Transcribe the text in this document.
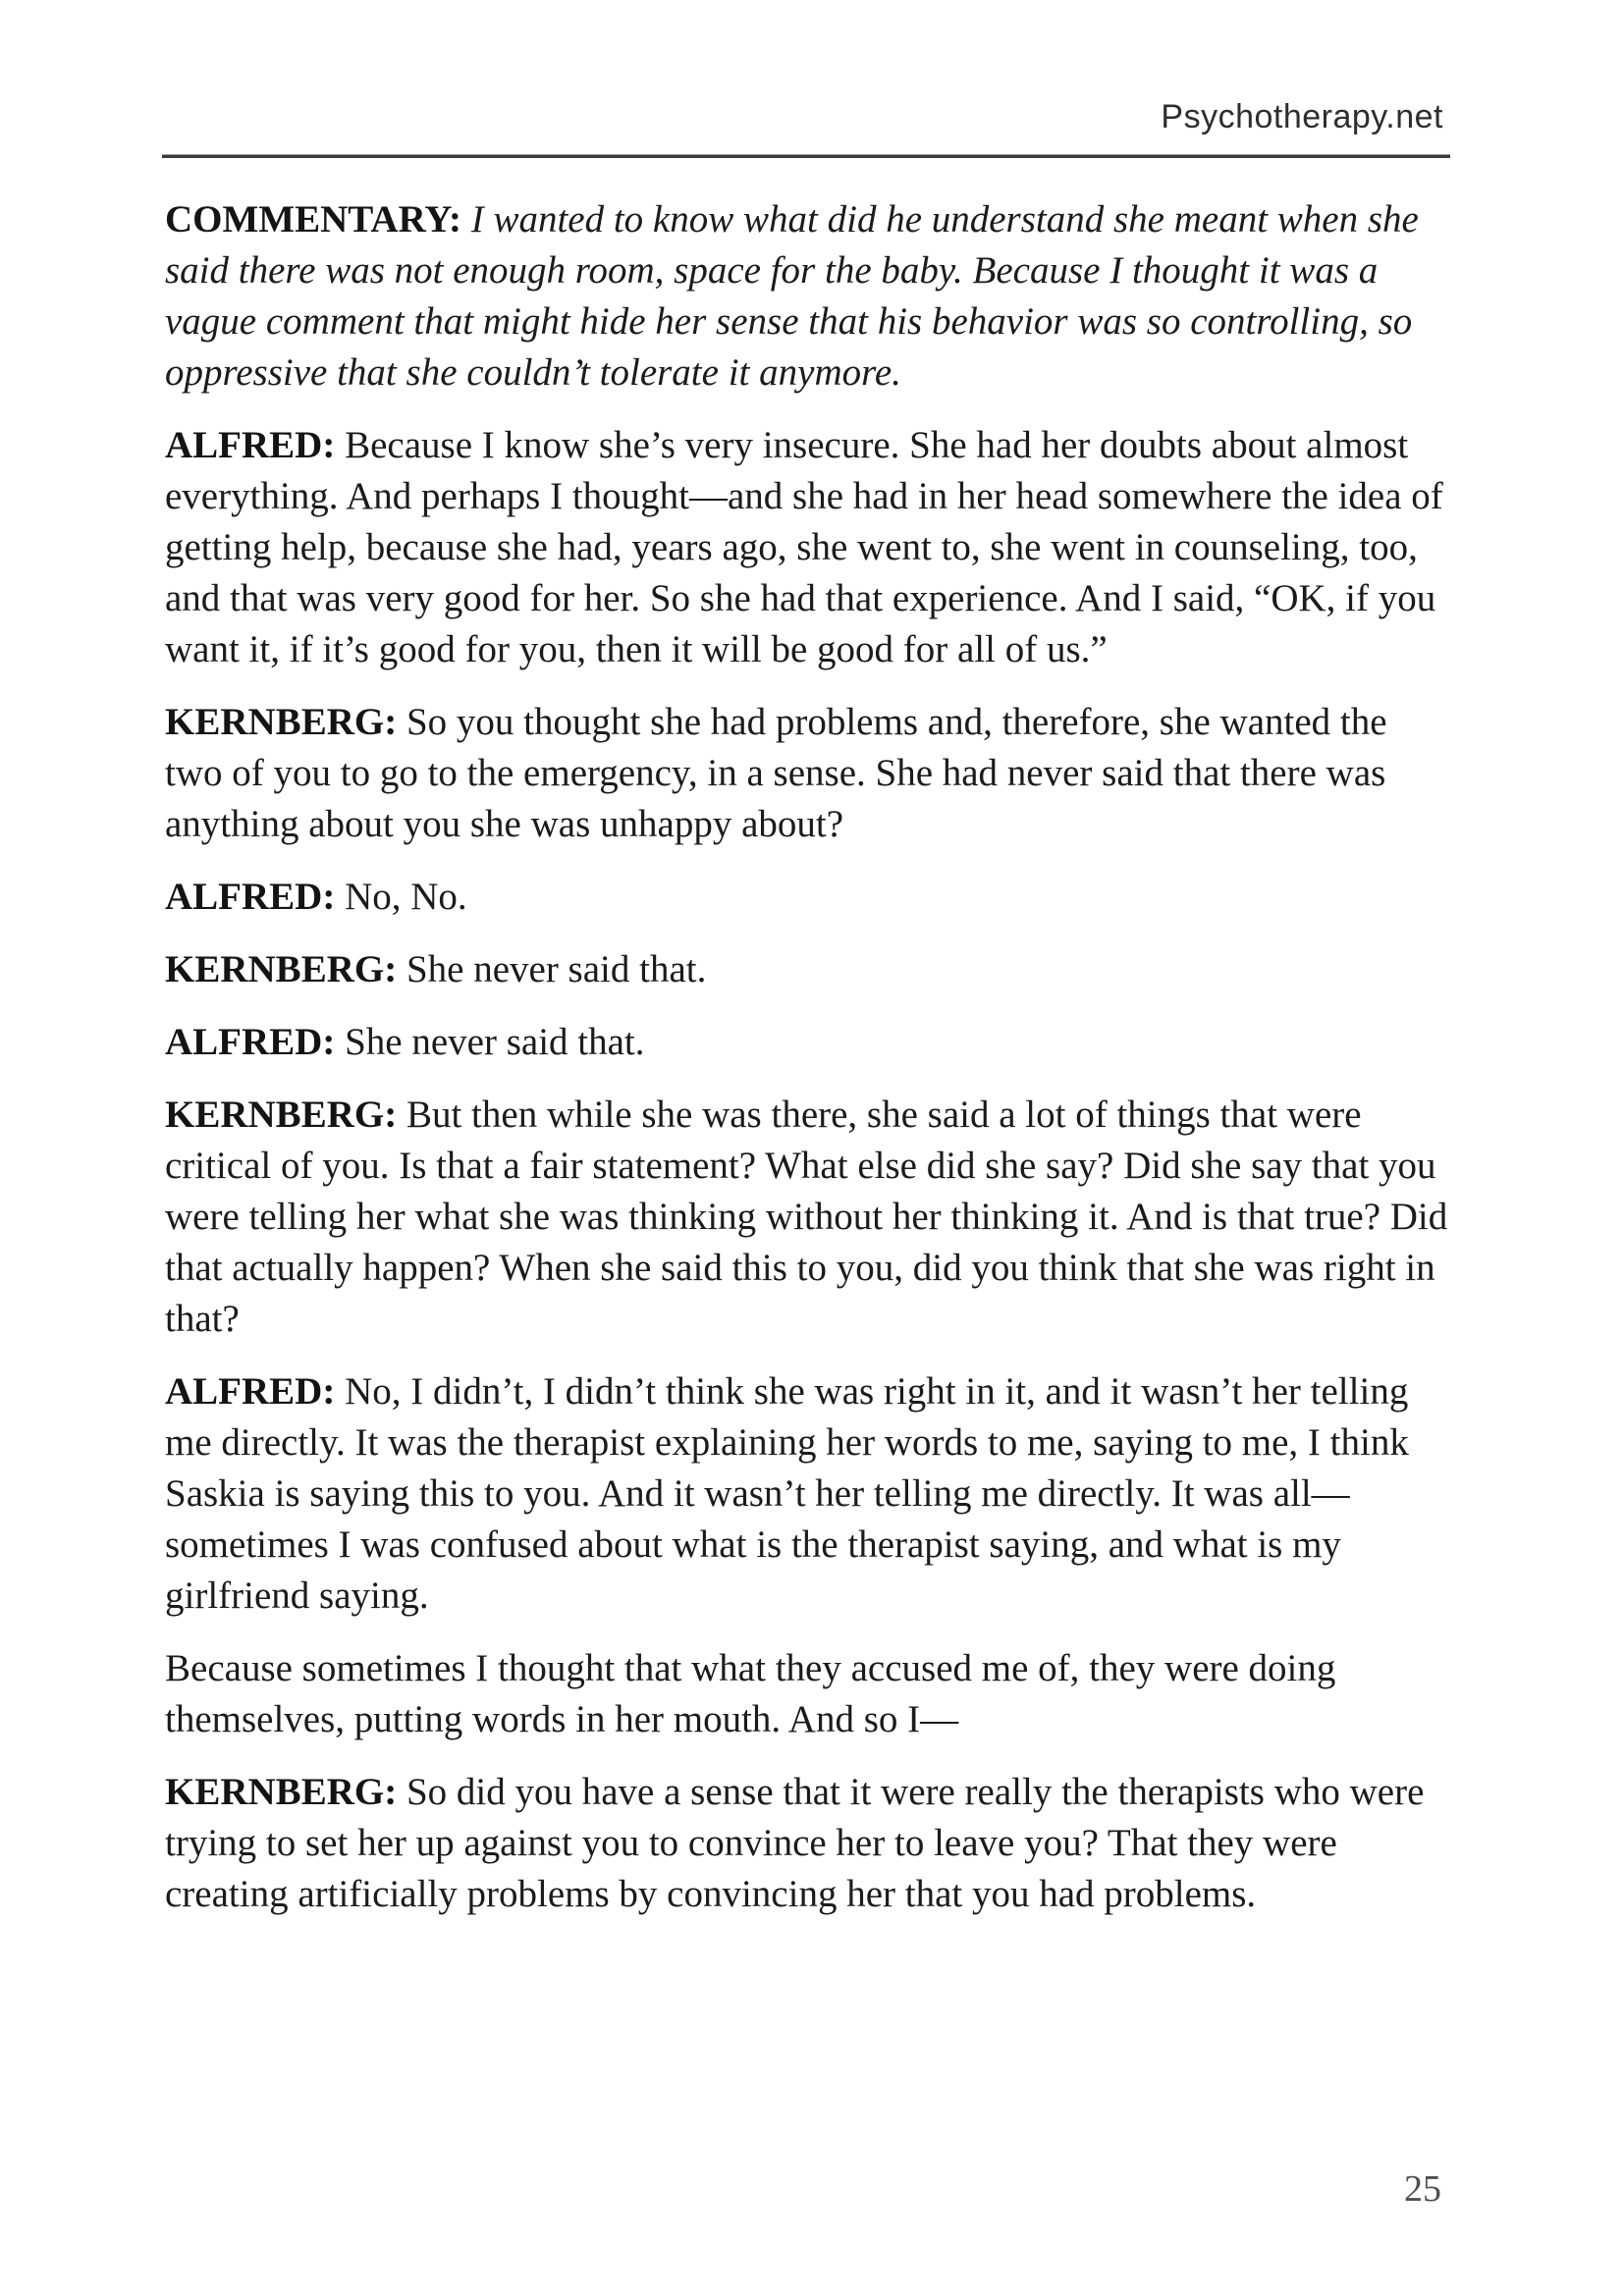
Psychotherapy.net

COMMENTARY: I wanted to know what did he understand she meant when she said there was not enough room, space for the baby. Because I thought it was a vague comment that might hide her sense that his behavior was so controlling, so oppressive that she couldn’t tolerate it anymore.

ALFRED: Because I know she’s very insecure. She had her doubts about almost everything. And perhaps I thought—and she had in her head somewhere the idea of getting help, because she had, years ago, she went to, she went in counseling, too, and that was very good for her. So she had that experience. And I said, “OK, if you want it, if it’s good for you, then it will be good for all of us.”

KERNBERG: So you thought she had problems and, therefore, she wanted the two of you to go to the emergency, in a sense. She had never said that there was anything about you she was unhappy about?

ALFRED: No, No.

KERNBERG: She never said that.

ALFRED: She never said that.

KERNBERG: But then while she was there, she said a lot of things that were critical of you. Is that a fair statement? What else did she say? Did she say that you were telling her what she was thinking without her thinking it. And is that true? Did that actually happen? When she said this to you, did you think that she was right in that?

ALFRED: No, I didn’t, I didn’t think she was right in it, and it wasn’t her telling me directly. It was the therapist explaining her words to me, saying to me, I think Saskia is saying this to you. And it wasn’t her telling me directly. It was all—sometimes I was confused about what is the therapist saying, and what is my girlfriend saying.

Because sometimes I thought that what they accused me of, they were doing themselves, putting words in her mouth. And so I—

KERNBERG: So did you have a sense that it were really the therapists who were trying to set her up against you to convince her to leave you? That they were creating artificially problems by convincing her that you had problems.

25
